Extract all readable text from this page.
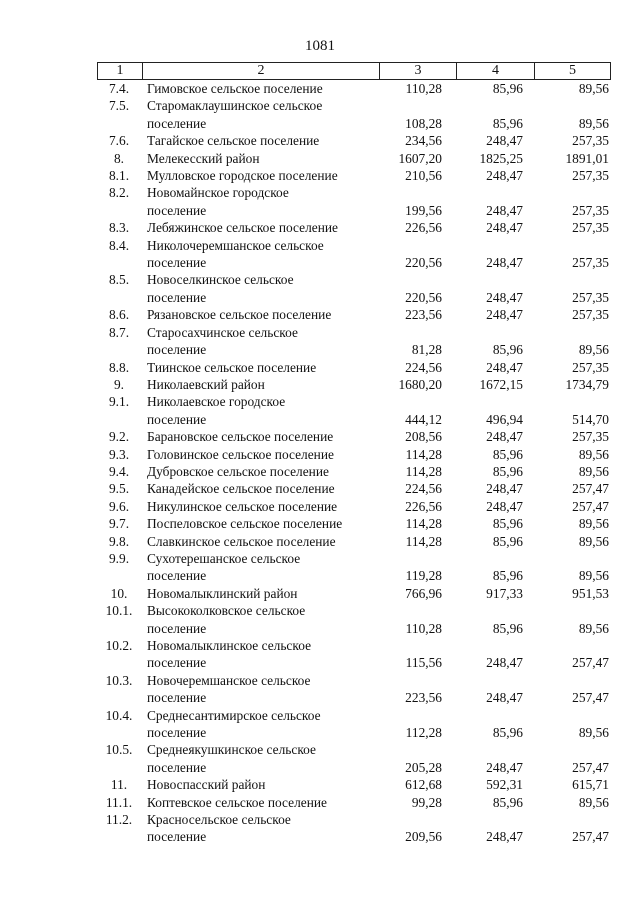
1081
1	2	3	4	5
7.4.	Гимовское сельское поселение	110,28	85,96	89,56
7.5.	Старомаклаушинское сельское
поселение	108,28	85,96	89,56
7.6.	Тагайское сельское поселение	234,56	248,47	257,35
8.	Мелекесский район	1607,20	1825,25	1891,01
8.1.	Мулловское городское поселение	210,56	248,47	257,35
8.2.	Новомайнское городское
поселение	199,56	248,47	257,35
8.3.	Лебяжинское сельское поселение	226,56	248,47	257,35
8.4.	Николочеремшанское сельское
поселение	220,56	248,47	257,35
8.5.	Новоселкинское сельское
поселение	220,56	248,47	257,35
8.6.	Рязановское сельское поселение	223,56	248,47	257,35
8.7.	Старосахчинское сельское
поселение	81,28	85,96	89,56
8.8.	Тиинское сельское поселение	224,56	248,47	257,35
9.	Николаевский район	1680,20	1672,15	1734,79
9.1.	Николаевское городское
поселение	444,12	496,94	514,70
9.2.	Барановское сельское поселение	208,56	248,47	257,35
9.3.	Головинское сельское поселение	114,28	85,96	89,56
9.4.	Дубровское сельское поселение	114,28	85,96	89,56
9.5.	Канадейское сельское поселение	224,56	248,47	257,47
9.6.	Никулинское сельское поселение	226,56	248,47	257,47
9.7.	Поспеловское сельское поселение	114,28	85,96	89,56
9.8.	Славкинское сельское поселение	114,28	85,96	89,56
9.9.	Сухотерешанское сельское
поселение	119,28	85,96	89,56
10.	Новомалыклинский район	766,96	917,33	951,53
10.1.	Высококолковское сельское
поселение	110,28	85,96	89,56
10.2.	Новомалыклинское сельское
поселение	115,56	248,47	257,47
10.3.	Новочеремшанское сельское
поселение	223,56	248,47	257,47
10.4.	Среднесантимирское сельское
поселение	112,28	85,96	89,56
10.5.	Среднеякушкинское сельское
поселение	205,28	248,47	257,47
11.	Новоспасский район	612,68	592,31	615,71
11.1.	Коптевское сельское поселение	99,28	85,96	89,56
11.2.	Красносельское сельское
поселение	209,56	248,47	257,47
